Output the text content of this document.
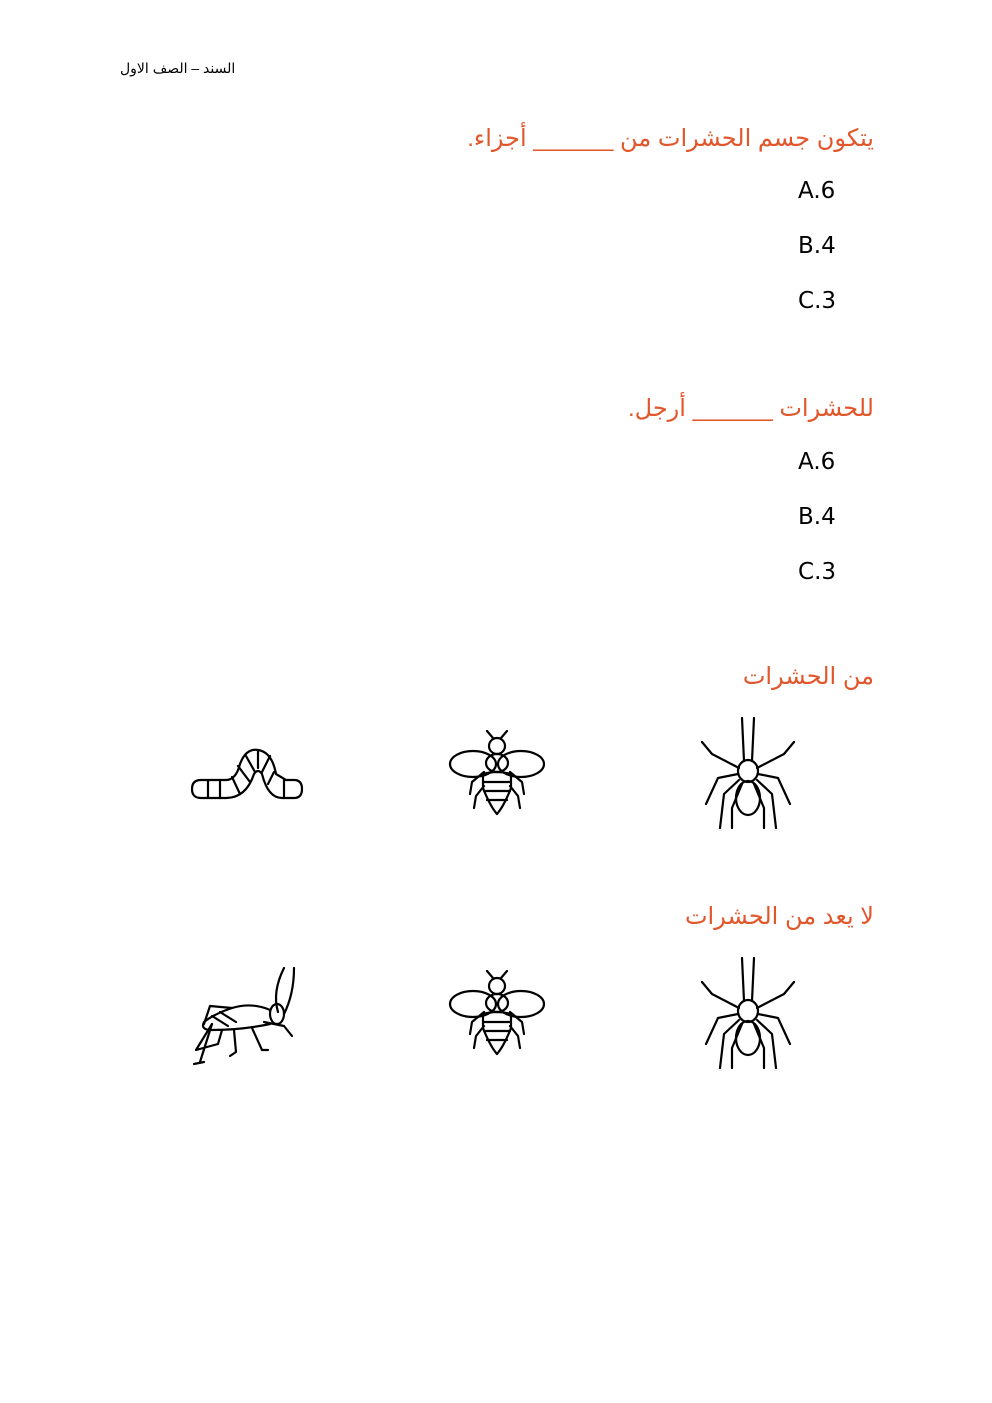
السند – الصف الاول
يتكون جسم الحشرات من ______ أجزاء.
A.6
B.4
C.3
للحشرات ______ أرجل.
A.6
B.4
C.3
من الحشرات
لا يعد من الحشرات
